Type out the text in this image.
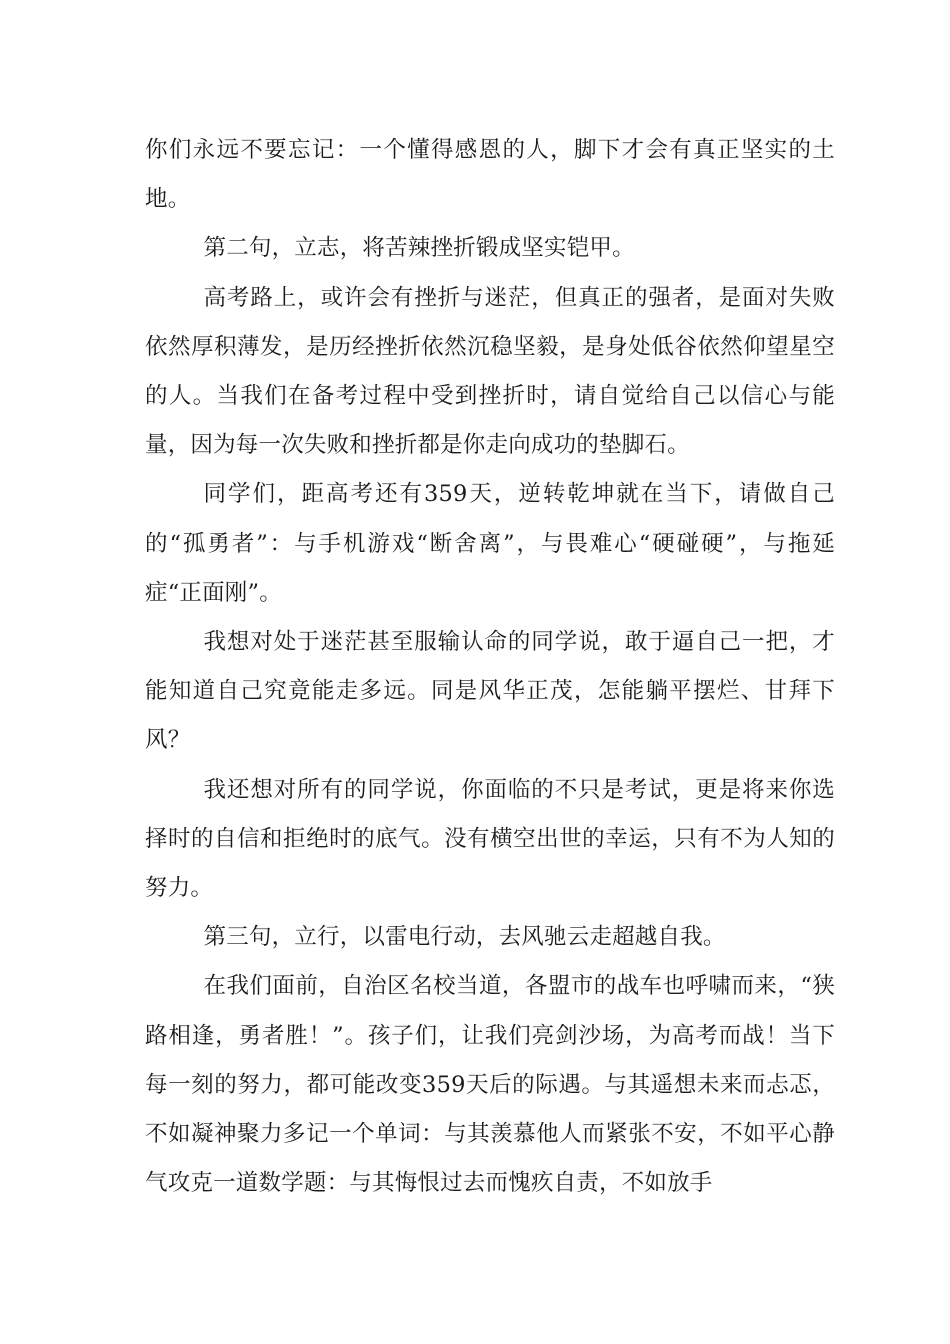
你们永远不要忘记：一个懂得感恩的人，脚下才会有真正坚实的土地。

第二句，立志，将苦辣挫折锻成坚实铠甲。

高考路上，或许会有挫折与迷茫，但真正的强者，是面对失败依然厚积薄发，是历经挫折依然沉稳坚毅，是身处低谷依然仰望星空的人。当我们在备考过程中受到挫折时，请自觉给自己以信心与能量，因为每一次失败和挫折都是你走向成功的垫脚石。

同学们，距高考还有359天，逆转乾坤就在当下，请做自己的“孤勇者”：与手机游戏“断舍离”，与畏难心“硬碰硬”，与拖延症“正面刚”。

我想对处于迷茫甚至服输认命的同学说，敢于逼自己一把，才能知道自己究竟能走多远。同是风华正茂，怎能躺平摆烂、甘拜下风？

我还想对所有的同学说，你面临的不只是考试，更是将来你选择时的自信和拒绝时的底气。没有横空出世的幸运，只有不为人知的努力。

第三句，立行，以雷电行动，去风驰云走超越自我。

在我们面前，自治区名校当道，各盟市的战车也呼啸而来，“狭路相逢，勇者胜！”。孩子们，让我们亮剑沙场，为高考而战！当下每一刻的努力，都可能改变359天后的际遇。与其遥想未来而忐忑，不如凝神聚力多记一个单词：与其羡慕他人而紧张不安，不如平心静气攻克一道数学题：与其悔恨过去而愧疚自责，不如放手
